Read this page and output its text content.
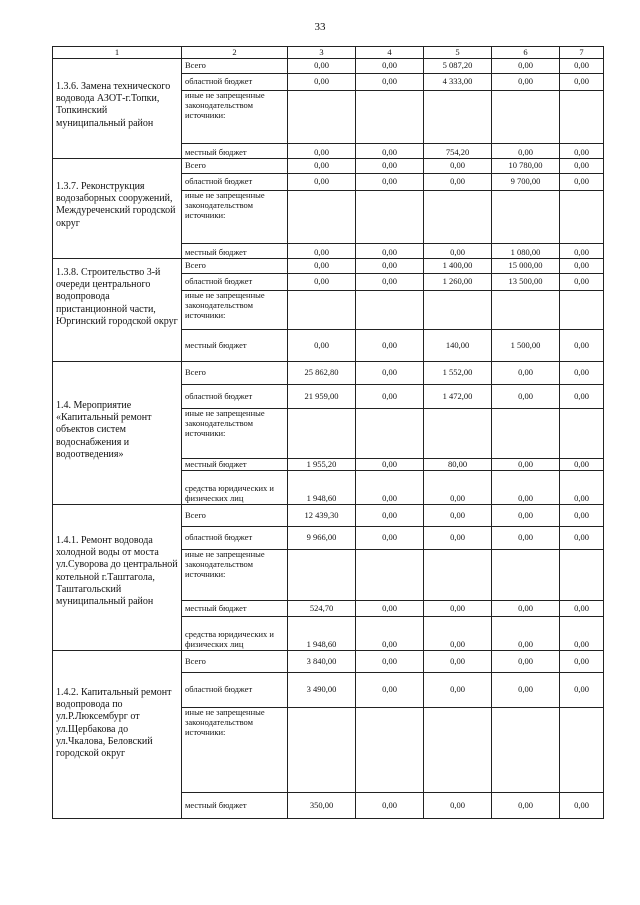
33
1	2	3	4	5	6	7
1.3.6. Замена технического водовода АЗОТ-г.Топки, Топкинский муниципальный район	Всего	0,00	0,00	5 087,20	0,00	0,00
	областной бюджет	0,00	0,00	4 333,00	0,00	0,00
	иные не запрещенные законодательством источники:					
	местный бюджет	0,00	0,00	754,20	0,00	0,00
1.3.7. Реконструкция водозаборных сооружений, Междуреченский городской округ	Всего	0,00	0,00	0,00	10 780,00	0,00
	областной бюджет	0,00	0,00	0,00	9 700,00	0,00
	иные не запрещенные законодательством источники:					
	местный бюджет	0,00	0,00	0,00	1 080,00	0,00
1.3.8. Строительство 3-й очереди центрального водопровода пристанционной части, Юргинский городской округ	Всего	0,00	0,00	1 400,00	15 000,00	0,00
	областной бюджет	0,00	0,00	1 260,00	13 500,00	0,00
	иные не запрещенные законодательством источники:					
	местный бюджет	0,00	0,00	140,00	1 500,00	0,00
1.4. Мероприятие «Капитальный ремонт объектов систем водоснабжения и водоотведения»	Всего	25 862,80	0,00	1 552,00	0,00	0,00
	областной бюджет	21 959,00	0,00	1 472,00	0,00	0,00
	иные не запрещенные законодательством источники:					
	местный бюджет	1 955,20	0,00	80,00	0,00	0,00
	средства юридических и физических лиц	1 948,60	0,00	0,00	0,00	0,00
1.4.1. Ремонт водовода холодной воды от моста ул.Суворова до центральной котельной г.Таштагола, Таштагольский муниципальный район	Всего	12 439,30	0,00	0,00	0,00	0,00
	областной бюджет	9 966,00	0,00	0,00	0,00	0,00
	иные не запрещенные законодательством источники:					
	местный бюджет	524,70	0,00	0,00	0,00	0,00
	средства юридических и физических лиц	1 948,60	0,00	0,00	0,00	0,00
1.4.2. Капитальный ремонт водопровода по ул.Р.Люксембург от ул.Щербакова до ул.Чкалова, Беловский городской округ	Всего	3 840,00	0,00	0,00	0,00	0,00
	областной бюджет	3 490,00	0,00	0,00	0,00	0,00
	иные не запрещенные законодательством источники:					
	местный бюджет	350,00	0,00	0,00	0,00	0,00
